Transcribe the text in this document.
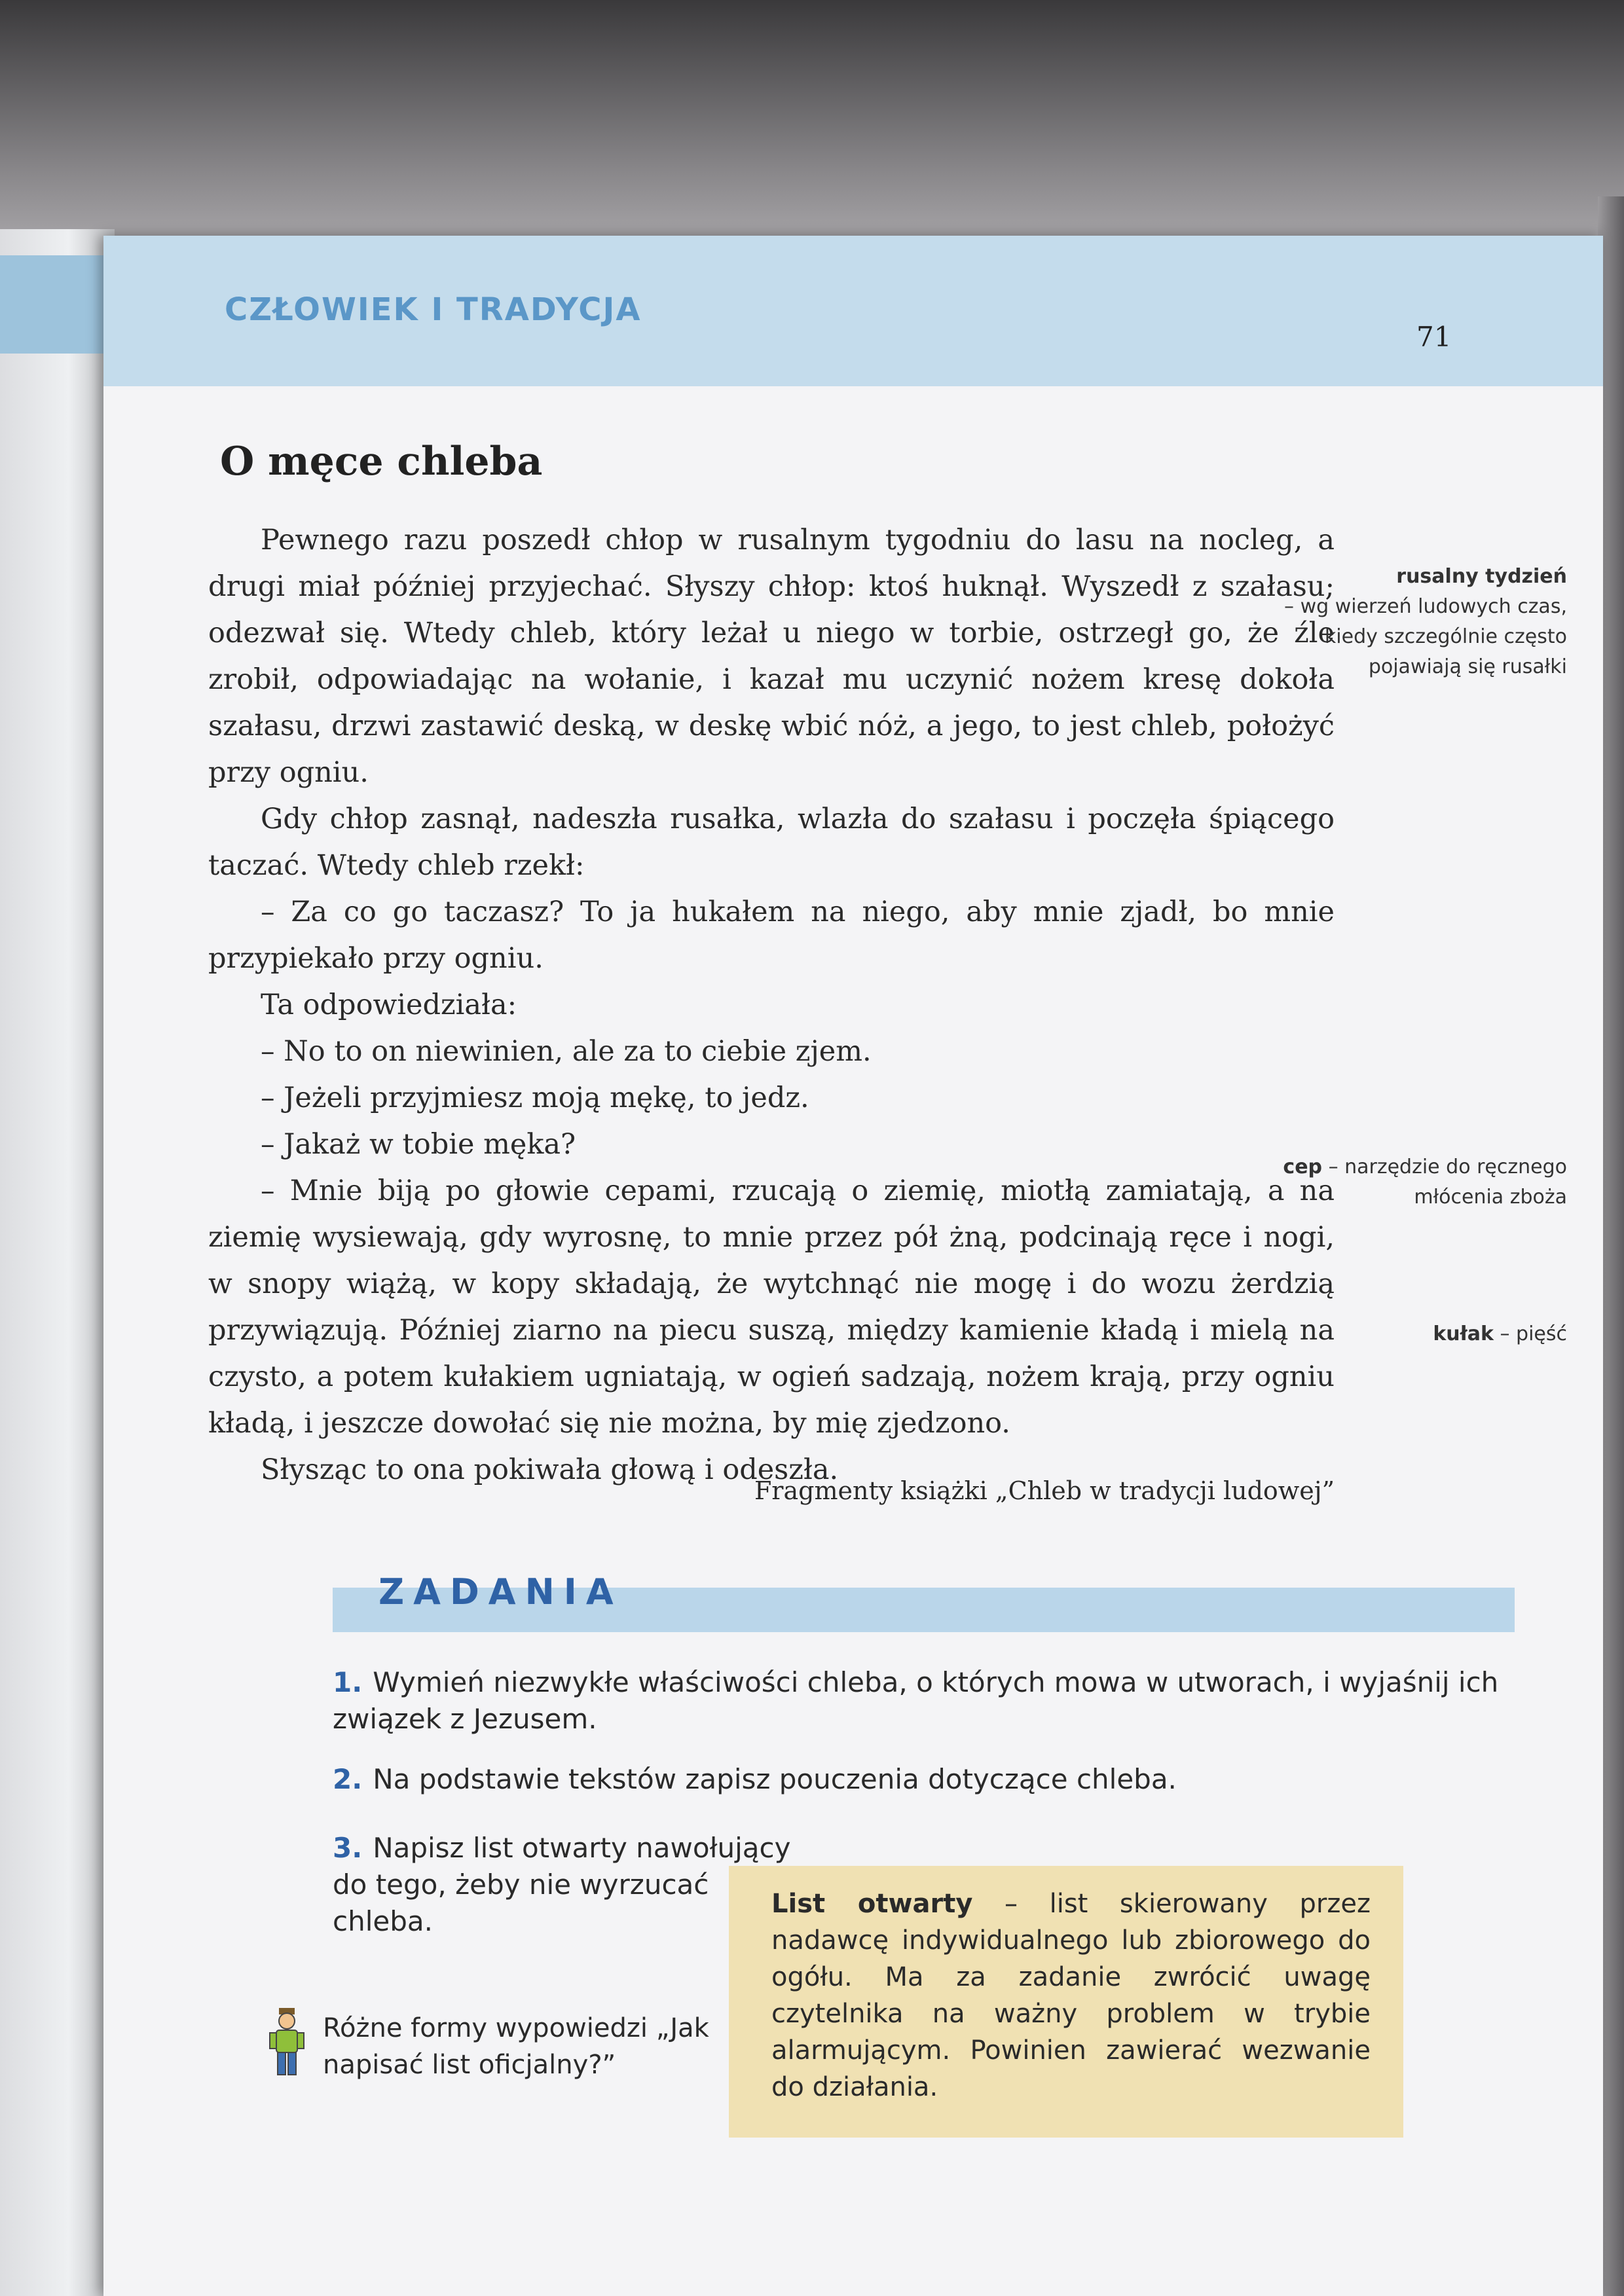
CZŁOWIEK I TRADYCJA
71
O męce chleba

Pewnego razu poszedł chłop w rusalnym tygodniu do lasu na nocleg, a drugi miał później przyjechać. Słyszy chłop: ktoś huknął. Wyszedł z szałasu; odezwał się. Wtedy chleb, który leżał u niego w torbie, ostrzegł go, że źle zrobił, odpowiadając na wołanie, i kazał mu uczynić nożem kresę dokoła szałasu, drzwi zastawić deską, w deskę wbić nóż, a jego, to jest chleb, położyć przy ogniu.

Gdy chłop zasnął, nadeszła rusałka, wlazła do szałasu i poczęła śpiącego taczać. Wtedy chleb rzekł:

– Za co go taczasz? To ja hukałem na niego, aby mnie zjadł, bo mnie przypiekało przy ogniu.

Ta odpowiedziała:

– No to on niewinien, ale za to ciebie zjem.

– Jeżeli przyjmiesz moją mękę, to jedz.

– Jakaż w tobie męka?

– Mnie biją po głowie cepami, rzucają o ziemię, miotłą zamiatają, a na ziemię wysiewają, gdy wyrosnę, to mnie przez pół żną, podcinają ręce i nogi, w snopy wiążą, w kopy składają, że wytchnąć nie mogę i do wozu żerdzią przywiązują. Później ziarno na piecu suszą, między kamienie kładą i mielą na czysto, a potem kułakiem ugniatają, w ogień sadzają, nożem krają, przy ogniu kładą, i jeszcze dowołać się nie można, by mię zjedzono.

Słysząc to ona pokiwała głową i odeszła.

Fragmenty książki „Chleb w tradycji ludowej”
rusalny tydzień
– wg wierzeń ludowych czas, kiedy szczególnie często pojawiają się rusałki
cep – narzędzie do ręcznego młócenia zboża
kułak – pięść
ZADANIA
1. Wymień niezwykłe właściwości chleba, o których mowa w utworach, i wyjaśnij ich związek z Jezusem.
2. Na podstawie tekstów zapisz pouczenia dotyczące chleba.
3. Napisz list otwarty nawołujący do tego, żeby nie wyrzucać chleba.
Różne formy wypowiedzi „Jak napisać list oficjalny?”
List otwarty – list skierowany przez nadawcę indywidualnego lub zbiorowego do ogółu. Ma za zadanie zwrócić uwagę czytelnika na ważny problem w trybie alarmującym. Powinien zawierać wezwanie do działania.
